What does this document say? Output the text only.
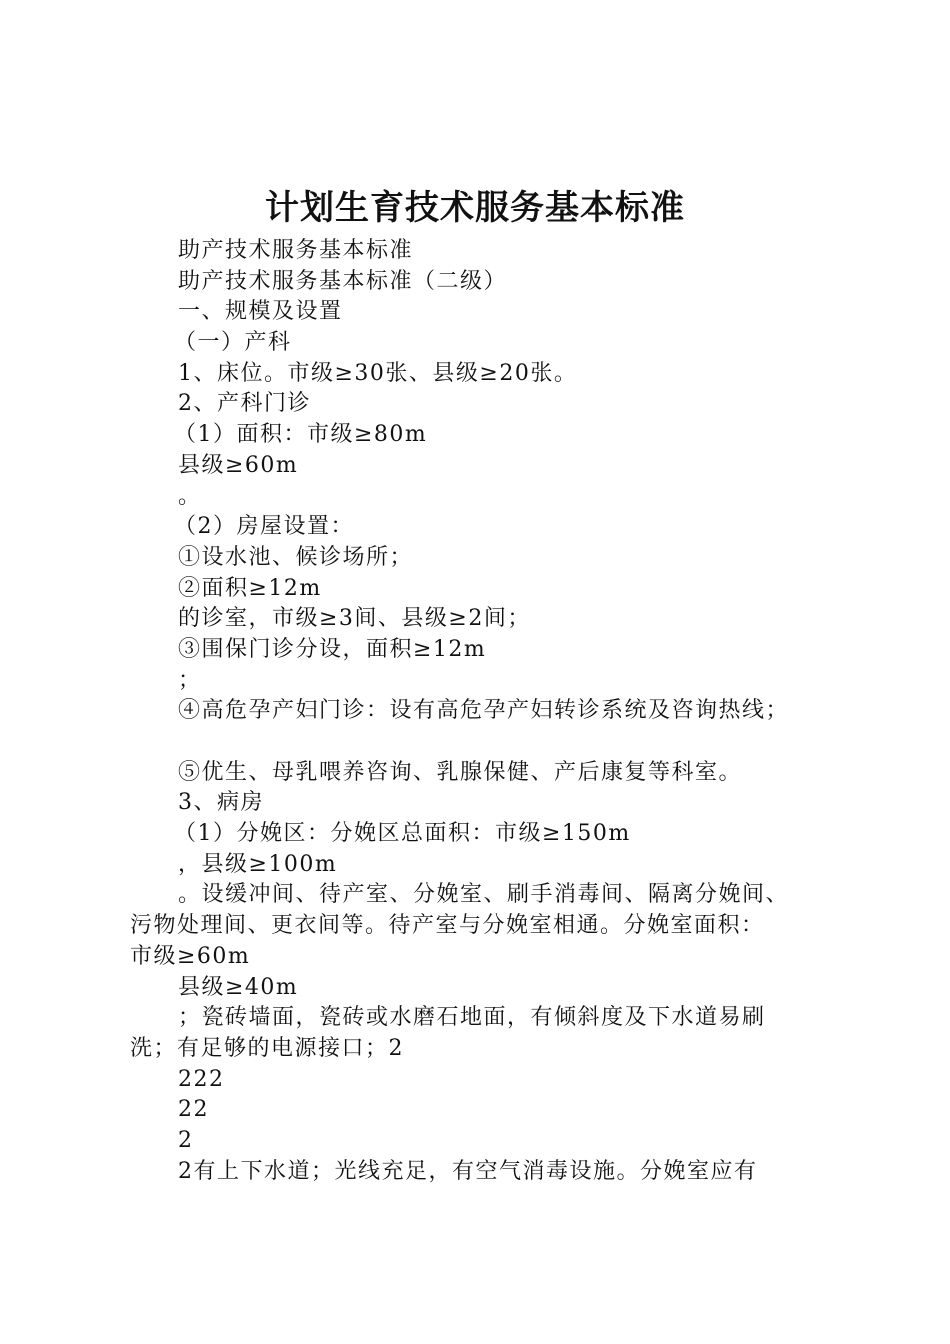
计划生育技术服务基本标准
助产技术服务基本标准
助产技术服务基本标准（二级）
一、规模及设置
（一）产科
1、床位。市级≥30张、县级≥20张。
2、产科门诊
（1）面积：市级≥80m
县级≥60m
。
（2）房屋设置：
①设水池、候诊场所；
②面积≥12m
的诊室，市级≥3间、县级≥2间；
③围保门诊分设，面积≥12m
；
④高危孕产妇门诊：设有高危孕产妇转诊系统及咨询热线；
⑤优生、母乳喂养咨询、乳腺保健、产后康复等科室。
3、病房
（1）分娩区：分娩区总面积：市级≥150m
，县级≥100m
。设缓冲间、待产室、分娩室、刷手消毒间、隔离分娩间、
污物处理间、更衣间等。待产室与分娩室相通。分娩室面积：
市级≥60m
县级≥40m
；瓷砖墙面，瓷砖或水磨石地面，有倾斜度及下水道易刷
洗；有足够的电源接口；2
222
22
2
2有上下水道；光线充足，有空气消毒设施。分娩室应有
